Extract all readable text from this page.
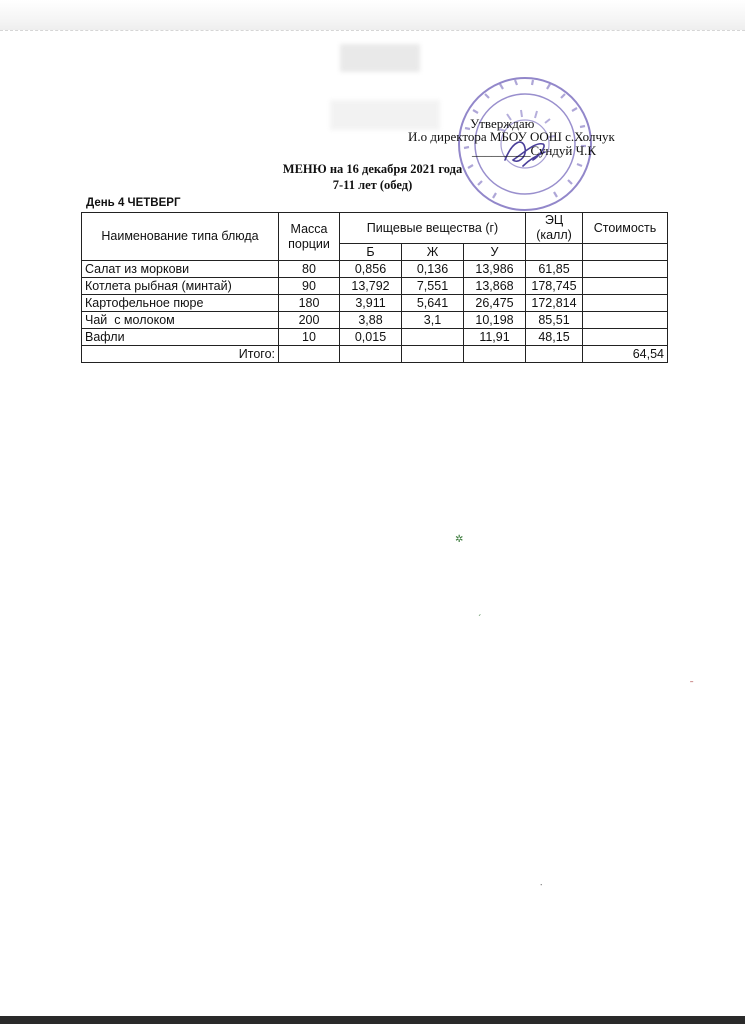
Утверждаю
И.о директора МБОУ ООШ с.Холчук
_________Сундуй Ч.К
МЕНЮ на 16 декабря 2021 года
7-11 лет (обед)
День 4 ЧЕТВЕРГ
Наименование типа блюда	Масса порции	Пищевые вещества (г)			ЭЦ (калл)	Стоимость
		Б	Ж	У		
Салат из моркови	80	0,856	0,136	13,986	61,85	
Котлета рыбная (минтай)	90	13,792	7,551	13,868	178,745	
Картофельное пюре	180	3,911	5,641	26,475	172,814	
Чай  с молоком	200	3,88	3,1	10,198	85,51	
Вафли	10	0,015		11,91	48,15	
Итого:						64,54
✲
ˊ
ˉ
∙
